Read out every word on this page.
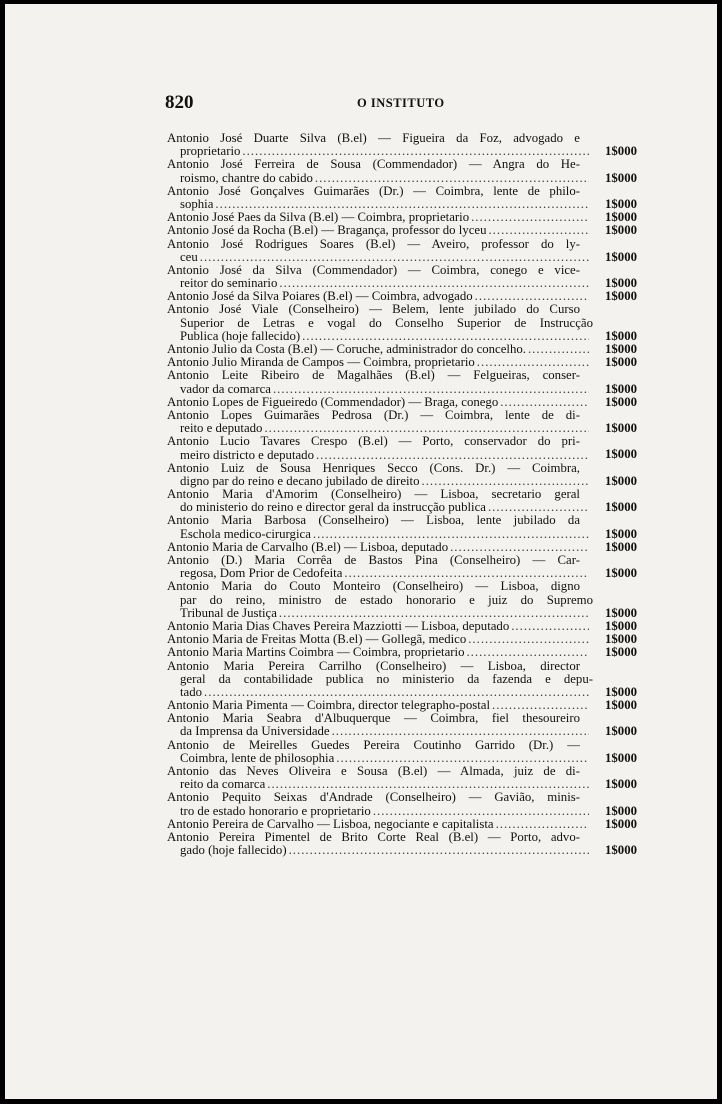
820	O INSTITUTO
Antonio José Duarte Silva (B.el) — Figueira da Foz, advogado e
proprietario .....	1$000
Antonio José Ferreira de Sousa (Commendador) — Angra do He-
roismo, chantre do cabido .....	1$000
Antonio José Gonçalves Guimarães (Dr.) — Coimbra, lente de philo-
sophia .....	1$000
Antonio José Paes da Silva (B.el) — Coimbra, proprietario .....	1$000
Antonio José da Rocha (B.el) — Bragança, professor do lyceu .....	1$000
Antonio José Rodrigues Soares (B.el) — Aveiro, professor do ly-
ceu .....	1$000
Antonio José da Silva (Commendador) — Coimbra, conego e vice-
reitor do seminario .....	1$000
Antonio José da Silva Poiares (B.el) — Coimbra, advogado .....	1$000
Antonio José Viale (Conselheiro) — Belem, lente jubilado do Curso
Superior de Letras e vogal do Conselho Superior de Instrucção
Publica (hoje fallecido) .....	1$000
Antonio Julio da Costa (B.el) — Coruche, administrador do concelho. .....	1$000
Antonio Julio Miranda de Campos — Coimbra, proprietario .....	1$000
Antonio Leite Ribeiro de Magalhães (B.el) — Felgueiras, conser-
vador da comarca .....	1$000
Antonio Lopes de Figueiredo (Commendador) — Braga, conego .....	1$000
Antonio Lopes Guimarães Pedrosa (Dr.) — Coimbra, lente de di-
reito e deputado .....	1$000
Antonio Lucio Tavares Crespo (B.el) — Porto, conservador do pri-
meiro districto e deputado .....	1$000
Antonio Luiz de Sousa Henriques Secco (Cons. Dr.) — Coimbra,
digno par do reino e decano jubilado de direito .....	1$000
Antonio Maria d'Amorim (Conselheiro) — Lisboa, secretario geral
do ministerio do reino e director geral da instrucção publica .....	1$000
Antonio Maria Barbosa (Conselheiro) — Lisboa, lente jubilado da
Eschola medico-cirurgica .....	1$000
Antonio Maria de Carvalho (B.el) — Lisboa, deputado .....	1$000
Antonio (D.) Maria Corrêa de Bastos Pina (Conselheiro) — Car-
regosa, Dom Prior de Cedofeita .....	1$000
Antonio Maria do Couto Monteiro (Conselheiro) — Lisboa, digno
par do reino, ministro de estado honorario e juiz do Supremo
Tribunal de Justiça .....	1$000
Antonio Maria Dias Chaves Pereira Mazziotti — Lisboa, deputado .....	1$000
Antonio Maria de Freitas Motta (B.el) — Gollegã, medico .....	1$000
Antonio Maria Martins Coimbra — Coimbra, proprietario .....	1$000
Antonio Maria Pereira Carrilho (Conselheiro) — Lisboa, director
geral da contabilidade publica no ministerio da fazenda e depu-
tado .....	1$000
Antonio Maria Pimenta — Coimbra, director telegrapho-postal .....	1$000
Antonio Maria Seabra d'Albuquerque — Coimbra, fiel thesoureiro
da Imprensa da Universidade .....	1$000
Antonio de Meirelles Guedes Pereira Coutinho Garrido (Dr.) —
Coimbra, lente de philosophia .....	1$000
Antonio das Neves Oliveira e Sousa (B.el) — Almada, juiz de di-
reito da comarca .....	1$000
Antonio Pequito Seixas d'Andrade (Conselheiro) — Gavião, minis-
tro de estado honorario e proprietario .....	1$000
Antonio Pereira de Carvalho — Lisboa, negociante e capitalista .....	1$000
Antonio Pereira Pimentel de Brito Corte Real (B.el) — Porto, advo-
gado (hoje fallecido) .....	1$000
